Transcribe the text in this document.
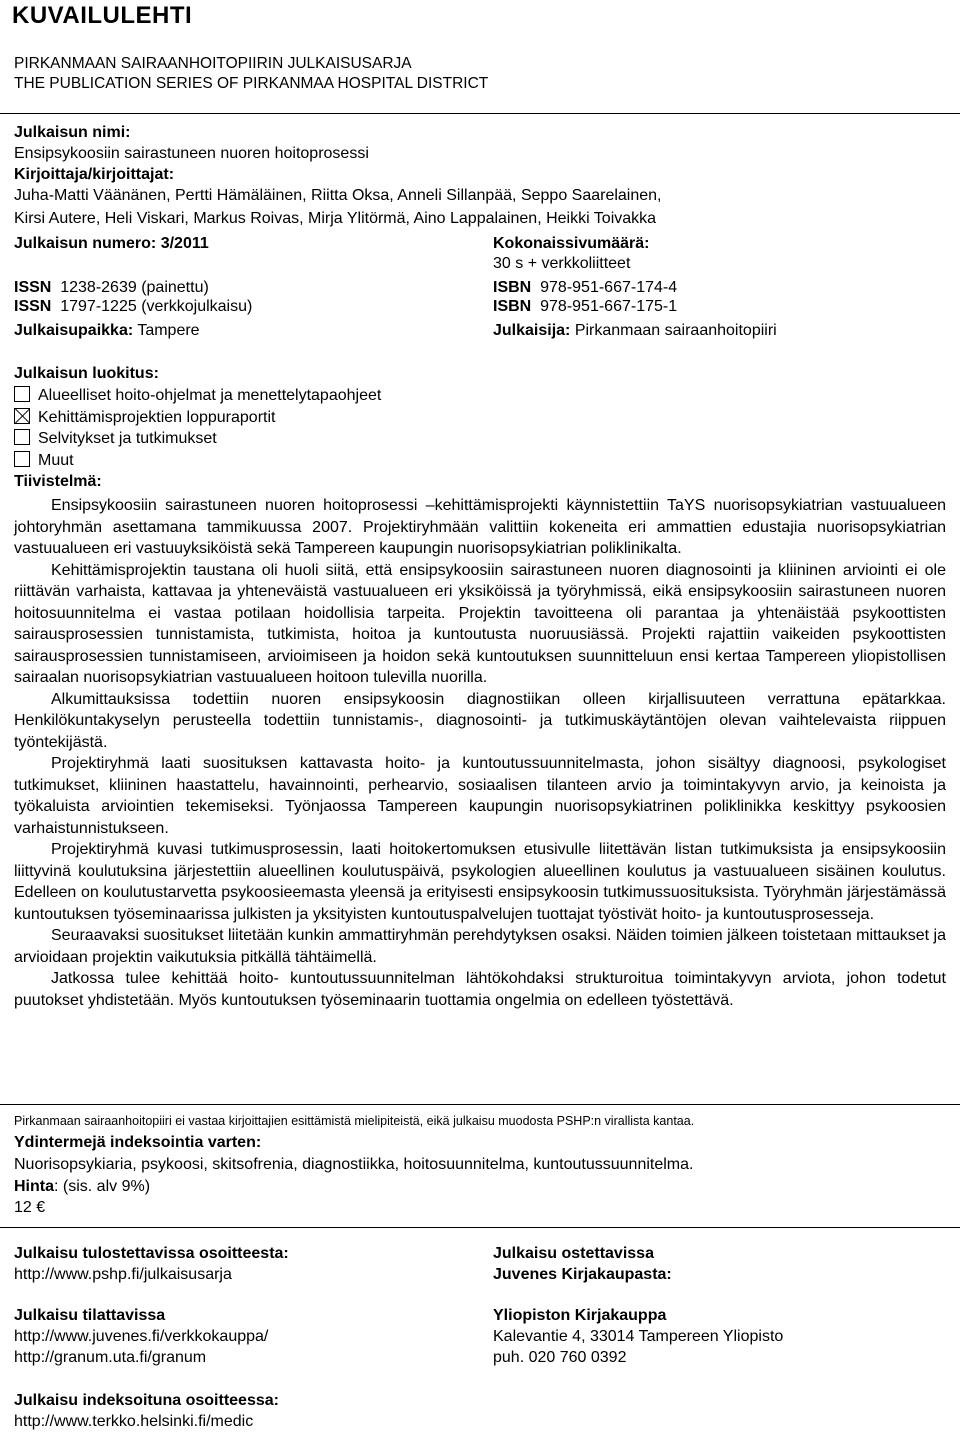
KUVAILULEHTI
PIRKANMAAN SAIRAANHOITOPIIRIN JULKAISUSARJA
THE PUBLICATION SERIES OF PIRKANMAA HOSPITAL DISTRICT
Julkaisun nimi:
Ensipsykoosiin sairastuneen nuoren hoitoprosessi
Kirjoittaja/kirjoittajat:
Juha-Matti Väänänen, Pertti Hämäläinen, Riitta Oksa, Anneli Sillanpää, Seppo Saarelainen,
Kirsi Autere, Heli Viskari, Markus Roivas, Mirja Ylitörmä, Aino Lappalainen, Heikki Toivakka
Julkaisun numero: 3/2011	Kokonaissivumäärä:
30 s + verkkoliitteet
ISSN 1238-2639 (painettu)
ISSN 1797-1225 (verkkojulkaisu)
ISBN 978-951-667-174-4
ISBN 978-951-667-175-1
Julkaisupaikka: Tampere	Julkaisija: Pirkanmaan sairaanhoitopiiri
Julkaisun luokitus:
Alueelliset hoito-ohjelmat ja menettelytapaohjeet
Kehittämisprojektien loppuraportit
Selvitykset ja tutkimukset
Muut
Tiivistelmä:

Ensipsykoosiin sairastuneen nuoren hoitoprosessi –kehittämisprojekti käynnistettiin TaYS nuorisopsykiatrian vastuualueen johtoryhmän asettamana tammikuussa 2007. Projektiryhmään valittiin kokeneita eri ammattien edustajia nuorisopsykiatrian vastuualueen eri vastuuyksiköistä sekä Tampereen kaupungin nuorisopsykiatrian poliklinikalta.

Kehittämisprojektin taustana oli huoli siitä, että ensipsykoosiin sairastuneen nuoren diagnosointi ja kliininen arviointi ei ole riittävän varhaista, kattavaa ja yhteneväistä vastuualueen eri yksiköissä ja työryhmissä, eikä ensipsykoosiin sairastuneen nuoren hoitosuunnitelma ei vastaa potilaan hoidollisia tarpeita. Projektin tavoitteena oli parantaa ja yhtenäistää psykoottisten sairausprosessien tunnistamista, tutkimista, hoitoa ja kuntoutusta nuoruusiässä. Projekti rajattiin vaikeiden psykoottisten sairausprosessien tunnistamiseen, arvioimiseen ja hoidon sekä kuntoutuksen suunnitteluun ensi kertaa Tampereen yliopistollisen sairaalan nuorisopsykiatrian vastuualueen hoitoon tulevilla nuorilla.

Alkumittauksissa todettiin nuoren ensipsykoosin diagnostiikan olleen kirjallisuuteen verrattuna epätarkkaa. Henkilökuntakyselyn perusteella todettiin tunnistamis-, diagnosointi- ja tutkimuskäytäntöjen olevan vaihtelevaista riippuen työntekijästä.

Projektiryhmä laati suosituksen kattavasta hoito- ja kuntoutussuunnitelmasta, johon sisältyy diagnoosi, psykologiset tutkimukset, kliininen haastattelu, havainnointi, perhearvio, sosiaalisen tilanteen arvio ja toimintakyvyn arvio, ja keinoista ja työkaluista arviointien tekemiseksi. Työnjaossa Tampereen kaupungin nuorisopsykiatrinen poliklinikka keskittyy psykoosien varhaistunnistukseen.

Projektiryhmä kuvasi tutkimusprosessin, laati hoitokertomuksen etusivulle liitettävän listan tutkimuksista ja ensipsykoosiin liittyvinä koulutuksina järjestettiin alueellinen koulutuspäivä, psykologien alueellinen koulutus ja vastuualueen sisäinen koulutus. Edelleen on koulutustarvetta psykoosieemasta yleensä ja erityisesti ensipsykoosin tutkimussuosituksista. Työryhmän järjestämässä kuntoutuksen työseminaarissa julkisten ja yksityisten kuntoutuspalvelujen tuottajat työstivät hoito- ja kuntoutusprosesseja.

Seuraavaksi suositukset liitetään kunkin ammattiryhmän perehdytyksen osaksi. Näiden toimien jälkeen toistetaan mittaukset ja arvioidaan projektin vaikutuksia pitkällä tähtäimellä.

Jatkossa tulee kehittää hoito- kuntoutussuunnitelman lähtökohdaksi strukturoitua toimintakyvyn arviota, johon todetut puutokset yhdistetään. Myös kuntoutuksen työseminaarin tuottamia ongelmia on edelleen työstettävä.

Pirkanmaan sairaanhoitopiiri ei vastaa kirjoittajien esittämistä mielipiteistä, eikä julkaisu muodosta PSHP:n virallista kantaa.
Ydintermejä indeksointia varten:
Nuorisopsykiaria, psykoosi, skitsofrenia, diagnostiikka, hoitosuunnitelma, kuntoutussuunnitelma.
Hinta: (sis. alv 9%)
12 €
Julkaisu tulostettavissa osoitteesta:
http://www.pshp.fi/julkaisusarja
Julkaisu tilattavissa
http://www.juvenes.fi/verkkokauppa/
http://granum.uta.fi/granum
Julkaisu indeksoituna osoitteessa:
http://www.terkko.helsinki.fi/medic
Julkaisu ostettavissa
Juvenes Kirjakaupasta:
Yliopiston Kirjakauppa
Kalevantie 4, 33014 Tampereen Yliopisto
puh. 020 760 0392
